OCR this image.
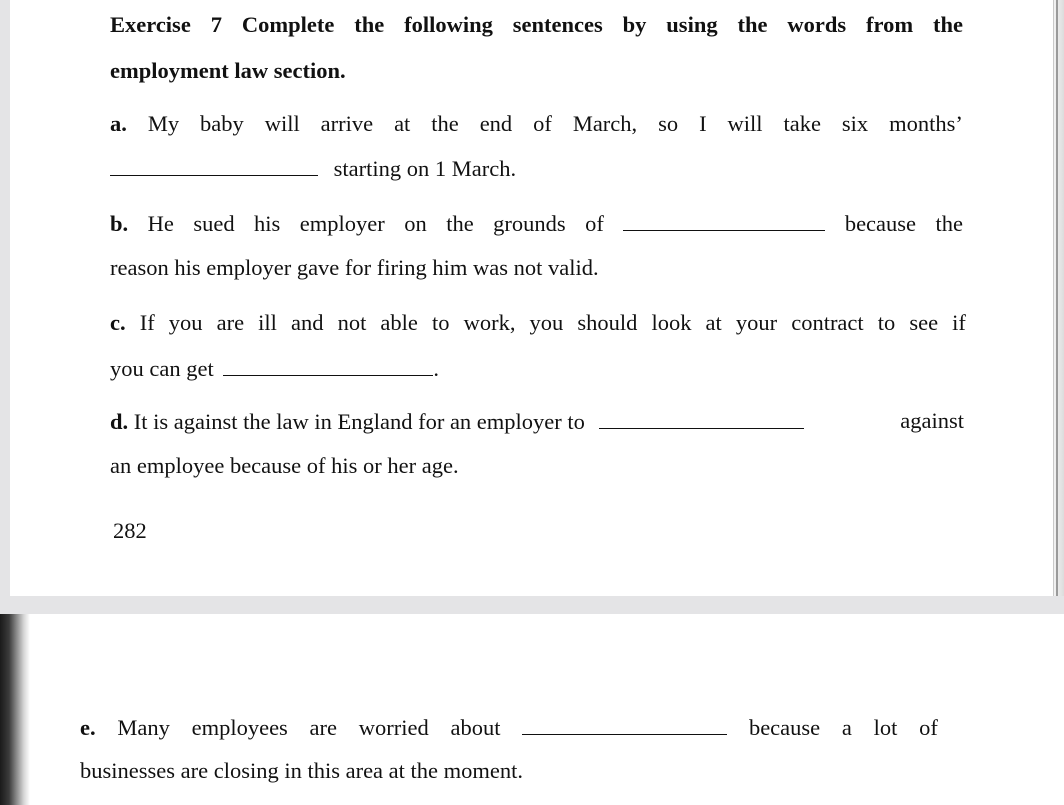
Exercise 7 Complete the following sentences by using the words from the
employment law section.
a. My baby will arrive at the end of March, so I will take six months’
starting on 1 March.
b. He sued his employer on the grounds of	because the
reason his employer gave for firing him was not valid.
c. If you are ill and not able to work, you should look at your contract to see if
you can get	.
d. It is against the law in England for an employer to	against
an employee because of his or her age.
282
e. Many employees are worried about	because a lot of
businesses are closing in this area at the moment.
